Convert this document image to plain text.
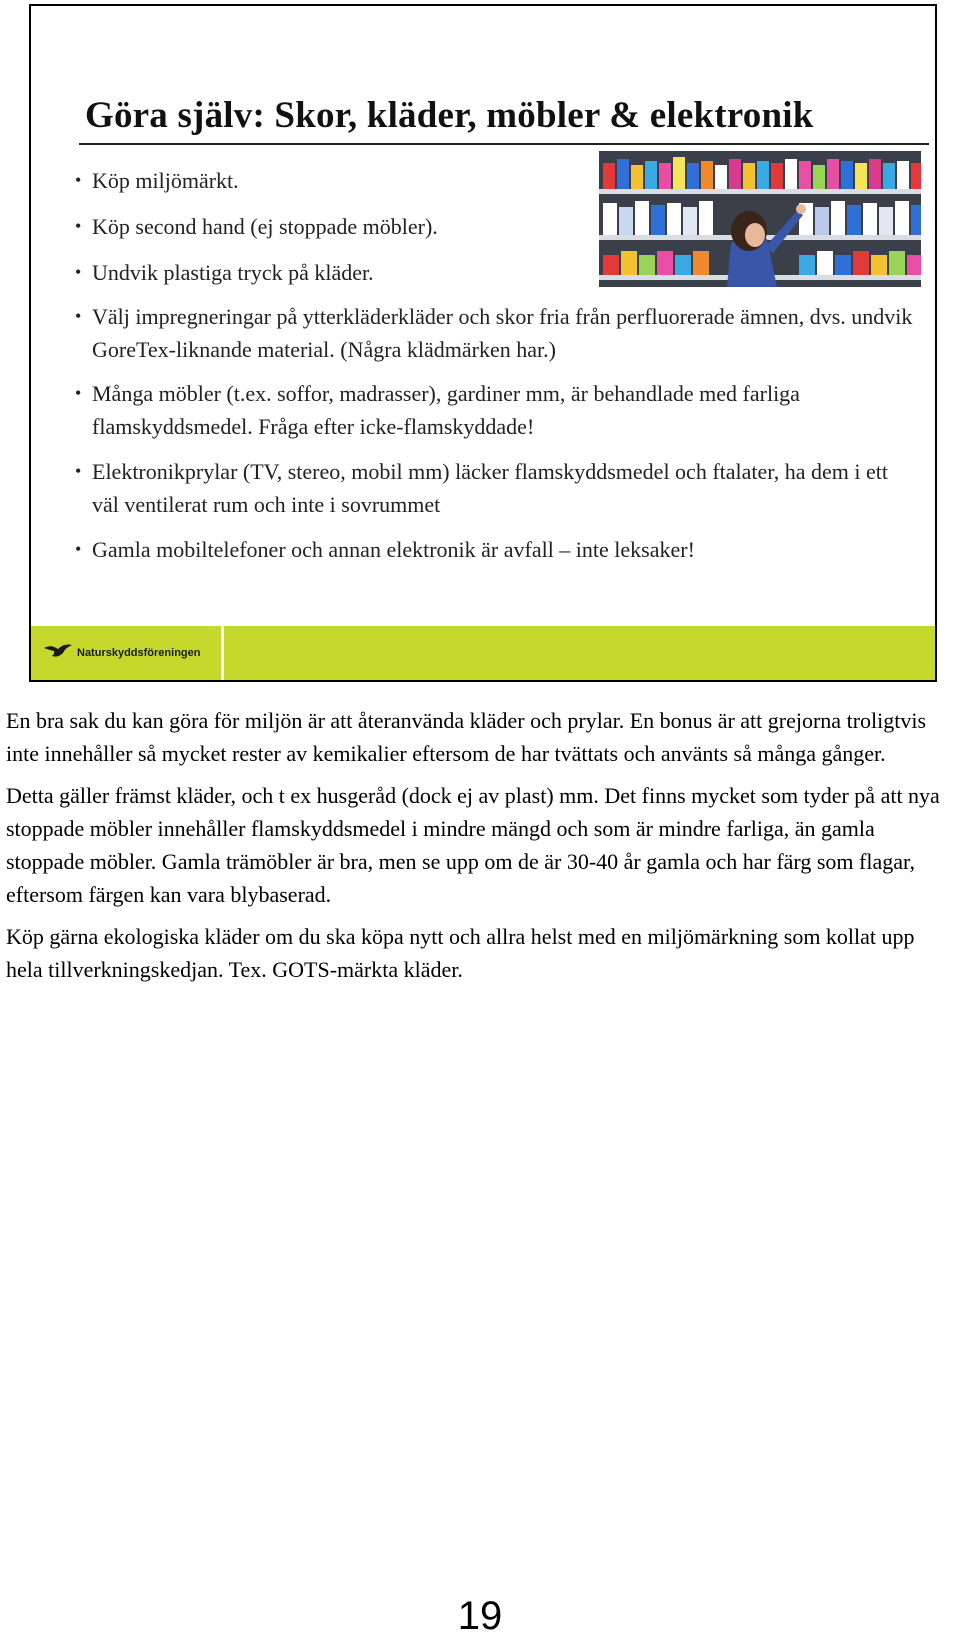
Göra själv: Skor, kläder, möbler & elektronik
• Köp miljömärkt.
• Köp second hand (ej stoppade möbler).
• Undvik plastiga tryck på kläder.
• Välj impregneringar på ytterkläderkläder och skor fria från perfluorerade ämnen, dvs. undvik GoreTex-liknande material. (Några klädmärken har.)
• Många möbler (t.ex. soffor, madrasser), gardiner mm, är behandlade med farliga flamskyddsmedel. Fråga efter icke-flamskyddade!
• Elektronikprylar (TV, stereo, mobil mm) läcker flamskyddsmedel och ftalater, ha dem i ett väl ventilerat rum och inte i sovrummet
• Gamla mobiltelefoner och annan elektronik är avfall – inte leksaker!
Naturskyddsföreningen

En bra sak du kan göra för miljön är att återanvända kläder och prylar. En bonus är att grejorna troligtvis inte innehåller så mycket rester av kemikalier eftersom de har tvättats och använts så många gånger.

Detta gäller främst kläder, och t ex husgeråd (dock ej av plast) mm. Det finns mycket som tyder på att nya stoppade möbler innehåller flamskyddsmedel i mindre mängd och som är mindre farliga, än gamla stoppade möbler. Gamla trämöbler är bra, men se upp om de är 30-40 år gamla och har färg som flagar, eftersom färgen kan vara blybaserad.

Köp gärna ekologiska kläder om du ska köpa nytt och allra helst med en miljömärkning som kollat upp hela tillverkningskedjan. Tex. GOTS-märkta kläder.

19
